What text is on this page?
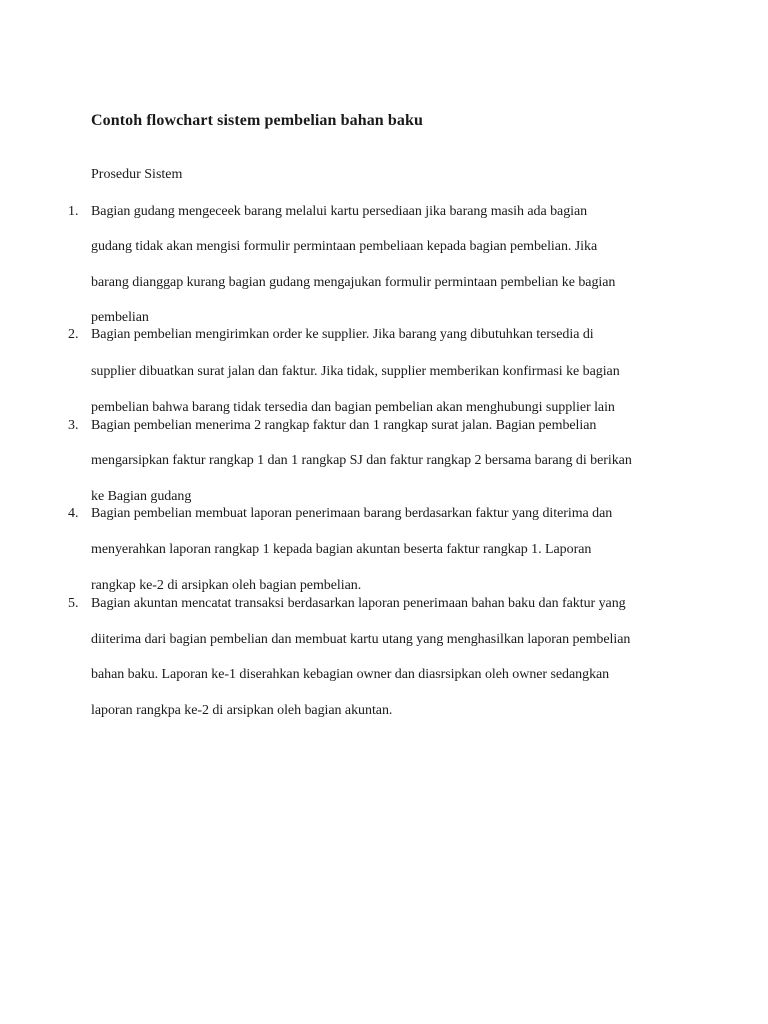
Contoh flowchart sistem pembelian bahan baku
Prosedur Sistem
1. Bagian gudang mengeceek barang melalui kartu persediaan jika barang masih ada bagian
gudang tidak akan mengisi formulir permintaan pembeliaan kepada bagian pembelian. Jika
barang dianggap kurang bagian gudang mengajukan formulir permintaan pembelian ke bagian
pembelian
2. Bagian pembelian mengirimkan order ke supplier. Jika barang yang dibutuhkan tersedia di
supplier dibuatkan surat jalan dan faktur. Jika tidak, supplier memberikan konfirmasi ke bagian
pembelian bahwa barang tidak tersedia dan bagian pembelian akan menghubungi supplier lain
3. Bagian pembelian menerima 2 rangkap faktur dan 1 rangkap surat jalan. Bagian pembelian
mengarsipkan faktur rangkap 1 dan 1 rangkap SJ dan faktur rangkap 2 bersama barang di berikan
ke Bagian gudang
4. Bagian pembelian membuat laporan penerimaan barang berdasarkan faktur yang diterima dan
menyerahkan laporan rangkap 1 kepada bagian akuntan beserta faktur rangkap 1. Laporan
rangkap ke-2 di arsipkan oleh bagian pembelian.
5. Bagian akuntan mencatat transaksi berdasarkan laporan penerimaan bahan baku dan faktur yang
diiterima dari bagian pembelian dan membuat kartu utang yang menghasilkan laporan pembelian
bahan baku. Laporan ke-1 diserahkan kebagian owner dan diasrsipkan oleh owner sedangkan
laporan rangkpa ke-2 di arsipkan oleh bagian akuntan.
